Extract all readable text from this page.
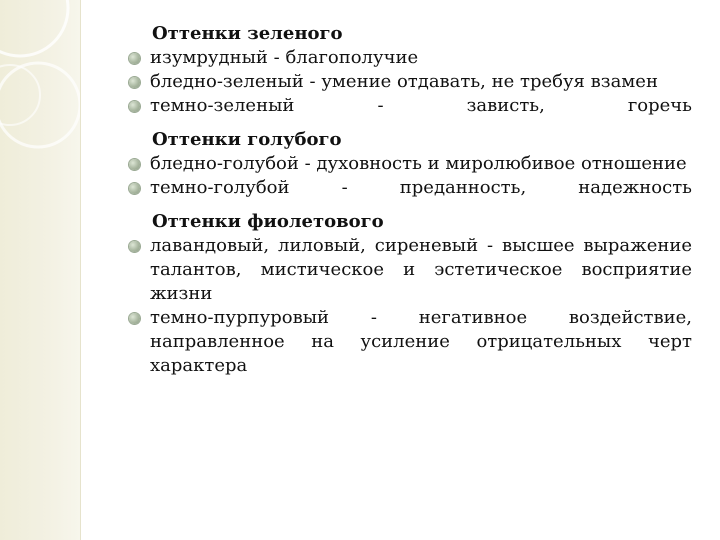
Оттенки зеленого
изумрудный - благополучие
бледно-зеленый - умение отдавать, не требуя взамен
темно-зеленый	-	зависть,	горечь
Оттенки голубого
бледно-голубой - духовность и миролюбивое отношение
темно-голубой	-	преданность,	надежность
Оттенки фиолетового
лавандовый, лиловый, сиреневый - высшее выражение талантов, мистическое и эстетическое восприятие жизни
темно-пурпуровый - негативное воздействие, направленное на усиление отрицательных черт характера
